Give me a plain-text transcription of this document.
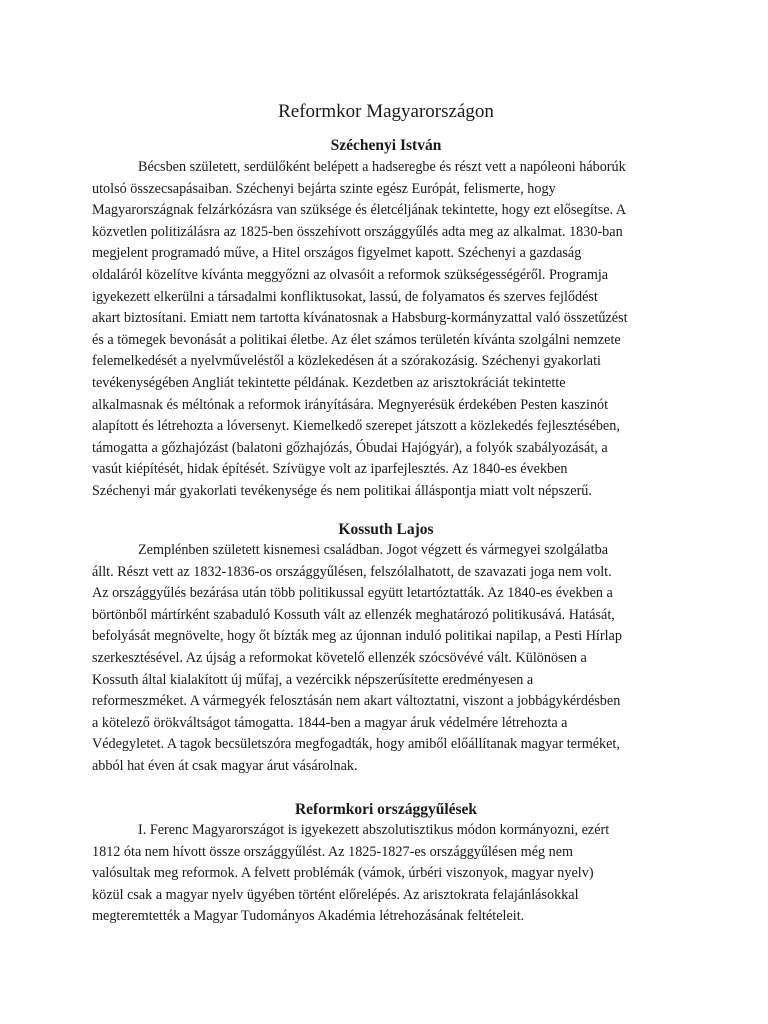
Reformkor Magyarországon
Széchenyi István
Bécsben született, serdülőként belépett a hadseregbe és részt vett a napóleoni háborúk
utolsó összecsapásaiban. Széchenyi bejárta szinte egész Európát, felismerte, hogy
Magyarországnak felzárkózásra van szüksége és életcéljának tekintette, hogy ezt elősegítse. A
közvetlen politizálásra az 1825-ben összehívott országgyűlés adta meg az alkalmat. 1830-ban
megjelent programadó műve, a Hitel országos figyelmet kapott. Széchenyi a gazdaság
oldaláról közelítve kívánta meggyőzni az olvasóit a reformok szükségességéről. Programja
igyekezett elkerülni a társadalmi konfliktusokat, lassú, de folyamatos és szerves fejlődést
akart biztosítani. Emiatt nem tartotta kívánatosnak a Habsburg-kormányzattal való összetűzést
és a tömegek bevonását a politikai életbe. Az élet számos területén kívánta szolgálni nemzete
felemelkedését a nyelvműveléstől a közlekedésen át a szórakozásig. Széchenyi gyakorlati
tevékenységében Angliát tekintette példának. Kezdetben az arisztokráciát tekintette
alkalmasnak és méltónak a reformok irányítására. Megnyerésük érdekében Pesten kaszinót
alapított és létrehozta a lóversenyt. Kiemelkedő szerepet játszott a közlekedés fejlesztésében,
támogatta a gőzhajózást (balatoni gőzhajózás, Óbudai Hajógyár), a folyók szabályozását, a
vasút kiépítését, hidak építését. Szívügye volt az iparfejlesztés. Az 1840-es években
Széchenyi már gyakorlati tevékenysége és nem politikai álláspontja miatt volt népszerű.
Kossuth Lajos
Zemplénben született kisnemesi családban. Jogot végzett és vármegyei szolgálatba
állt. Részt vett az 1832-1836-os országgyűlésen, felszólalhatott, de szavazati joga nem volt.
Az országgyűlés bezárása után több politikussal együtt letartóztatták. Az 1840-es években a
börtönből mártírként szabaduló Kossuth vált az ellenzék meghatározó politikusává. Hatását,
befolyását megnövelte, hogy őt bízták meg az újonnan induló politikai napilap, a Pesti Hírlap
szerkesztésével. Az újság a reformokat követelő ellenzék szócsövévé vált. Különösen a
Kossuth által kialakított új műfaj, a vezércikk népszerűsítette eredményesen a
reformeszméket. A vármegyék felosztásán nem akart változtatni, viszont a jobbágykérdésben
a kötelező örökváltságot támogatta. 1844-ben a magyar áruk védelmére létrehozta a
Védegyletet. A tagok becsületszóra megfogadták, hogy amiből előállítanak magyar terméket,
abból hat éven át csak magyar árut vásárolnak.
Reformkori országgyűlések
I. Ferenc Magyarországot is igyekezett abszolutisztikus módon kormányozni, ezért
1812 óta nem hívott össze országgyűlést. Az 1825-1827-es országgyűlésen még nem
valósultak meg reformok. A felvett problémák (vámok, úrbéri viszonyok, magyar nyelv)
közül csak a magyar nyelv ügyében történt előrelépés. Az arisztokrata felajánlásokkal
megteremtették a Magyar Tudományos Akadémia létrehozásának feltételeit.
